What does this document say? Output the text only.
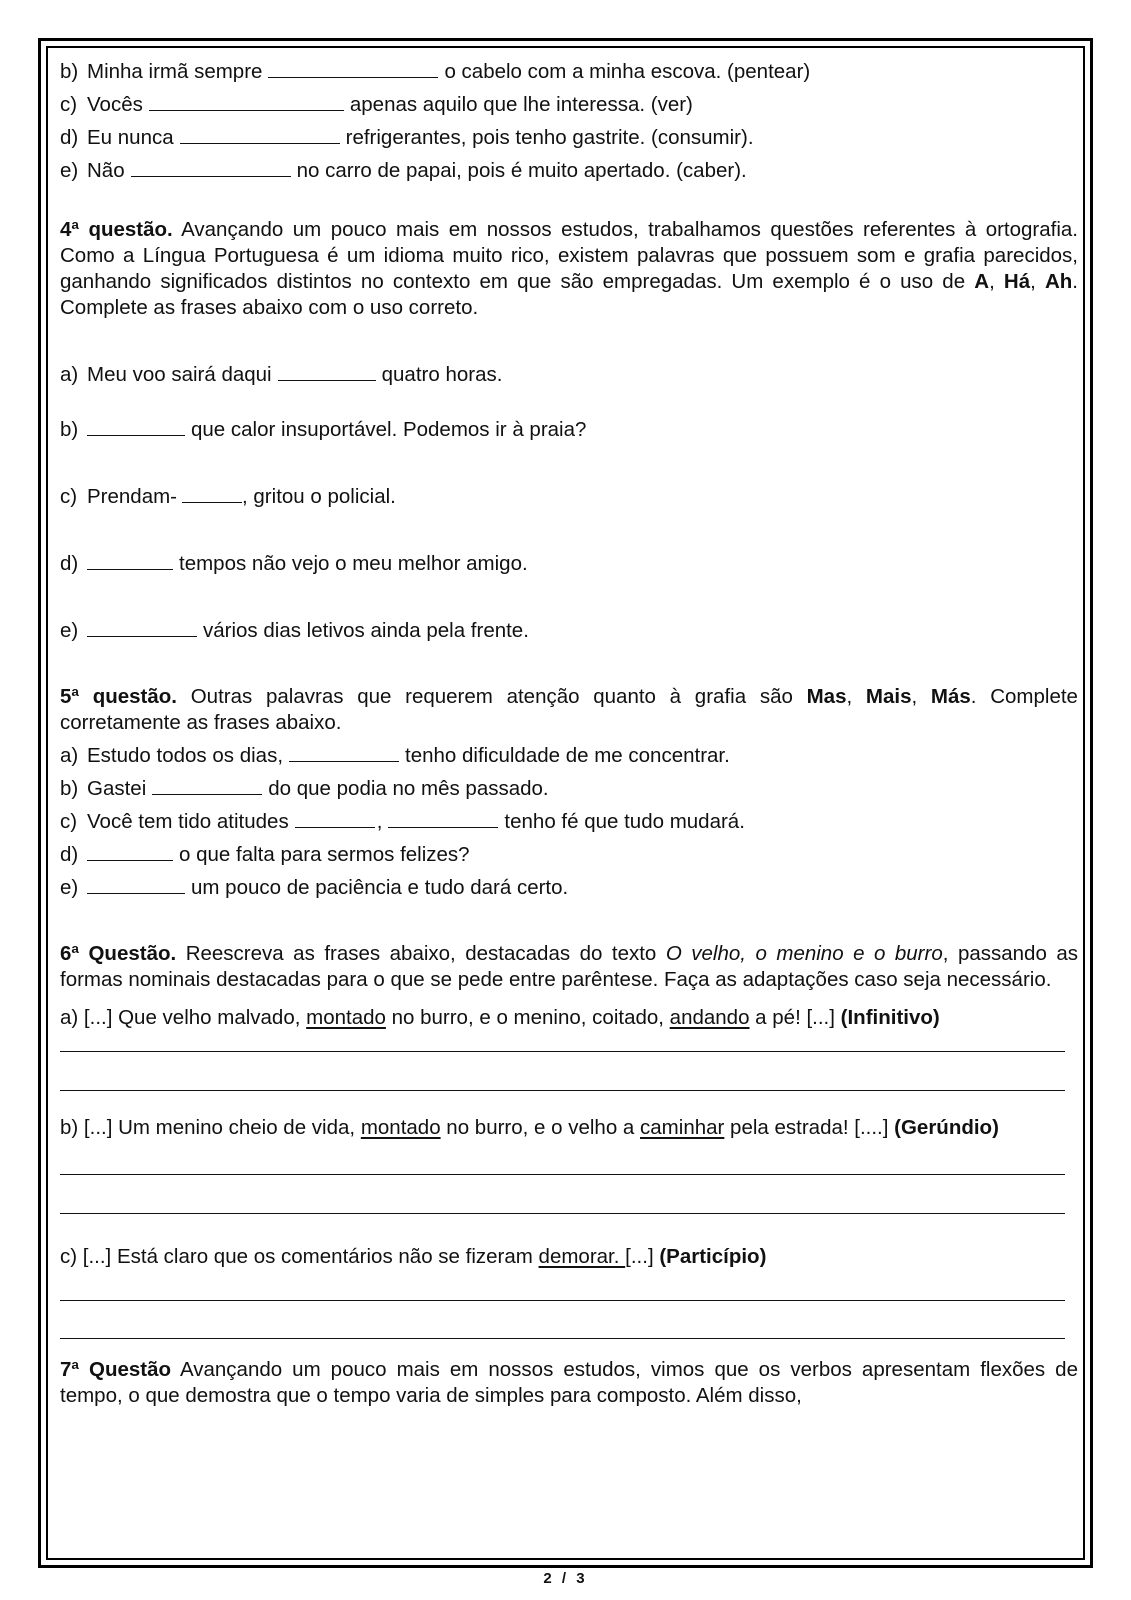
b) Minha irmã sempre	o cabelo com a minha escova. (pentear)
c) Vocês	apenas aquilo que lhe interessa. (ver)
d) Eu nunca	refrigerantes, pois tenho gastrite. (consumir).
e) Não	no carro de papai, pois é muito apertado. (caber).
4ª questão. Avançando um pouco mais em nossos estudos, trabalhamos questões referentes à ortografia. Como a Língua Portuguesa é um idioma muito rico, existem palavras que possuem som e grafia parecidos, ganhando significados distintos no contexto em que são empregadas. Um exemplo é o uso de A, Há, Ah. Complete as frases abaixo com o uso correto.
a) Meu voo sairá daqui	quatro horas.
b)	que calor insuportável. Podemos ir à praia?
c) Prendam-	, gritou o policial.
d)	tempos não vejo o meu melhor amigo.
e)	vários dias letivos ainda pela frente.
5ª questão. Outras palavras que requerem atenção quanto à grafia são Mas, Mais, Más. Complete corretamente as frases abaixo.
a) Estudo todos os dias,	tenho dificuldade de me concentrar.
b) Gastei	do que podia no mês passado.
c) Você tem tido atitudes	,	tenho fé que tudo mudará.
d)	o que falta para sermos felizes?
e)	um pouco de paciência e tudo dará certo.
6ª Questão. Reescreva as frases abaixo, destacadas do texto O velho, o menino e o burro, passando as formas nominais destacadas para o que se pede entre parêntese. Faça as adaptações caso seja necessário.
a) [...] Que velho malvado, montado no burro, e o menino, coitado, andando a pé! [...] (Infinitivo)
b) [...] Um menino cheio de vida, montado no burro, e o velho a caminhar pela estrada! [....] (Gerúndio)
c) [...] Está claro que os comentários não se fizeram demorar. [...] (Particípio)
7ª Questão Avançando um pouco mais em nossos estudos, vimos que os verbos apresentam flexões de tempo, o que demostra que o tempo varia de simples para composto. Além disso,
2 / 3
